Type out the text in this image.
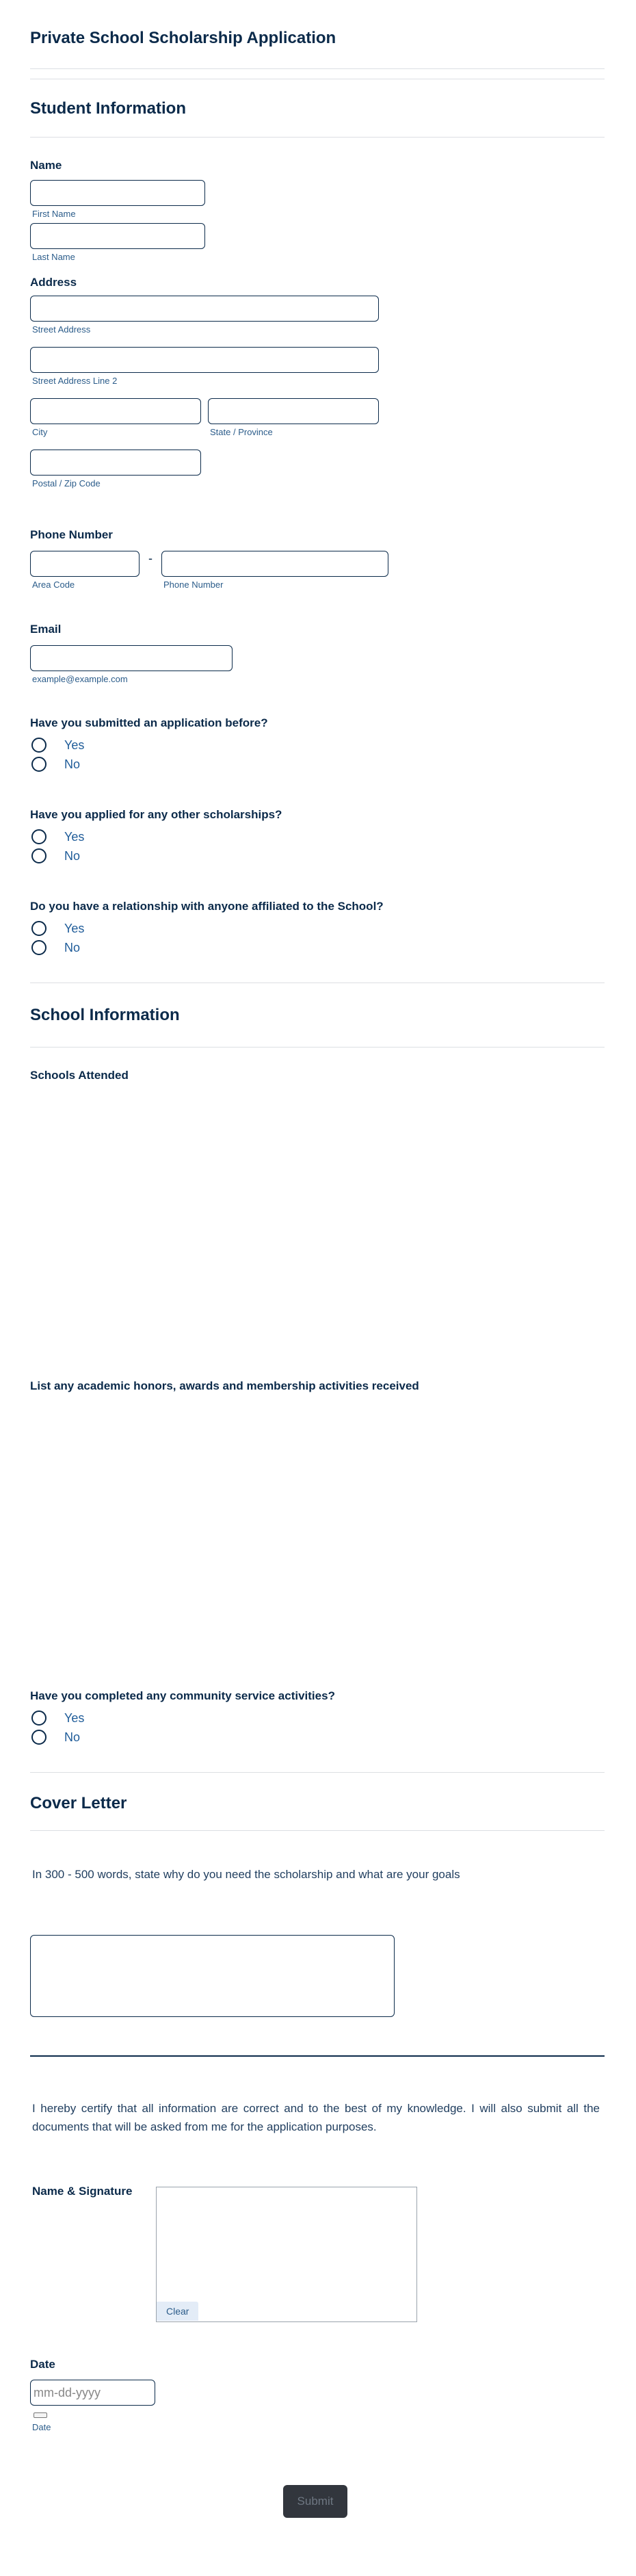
Private School Scholarship Application
Student Information
Name
First Name
Last Name
Address
Street Address
Street Address Line 2
City	State / Province
Postal / Zip Code
Phone Number
-
Area Code	Phone Number
Email
example@example.com
Have you submitted an application before?
Yes
No
Have you applied for any other scholarships?
Yes
No
Do you have a relationship with anyone affiliated to the School?
Yes
No
School Information
Schools Attended
List any academic honors, awards and membership activities received
Have you completed any community service activities?
Yes
No
Cover Letter
In 300 - 500 words, state why do you need the scholarship and what are your goals
I hereby certify that all information are correct and to the best of my knowledge. I will also submit all the documents that will be asked from me for the application purposes.
Name & Signature
Clear
Date
mm-dd-yyyy
Date
Submit
